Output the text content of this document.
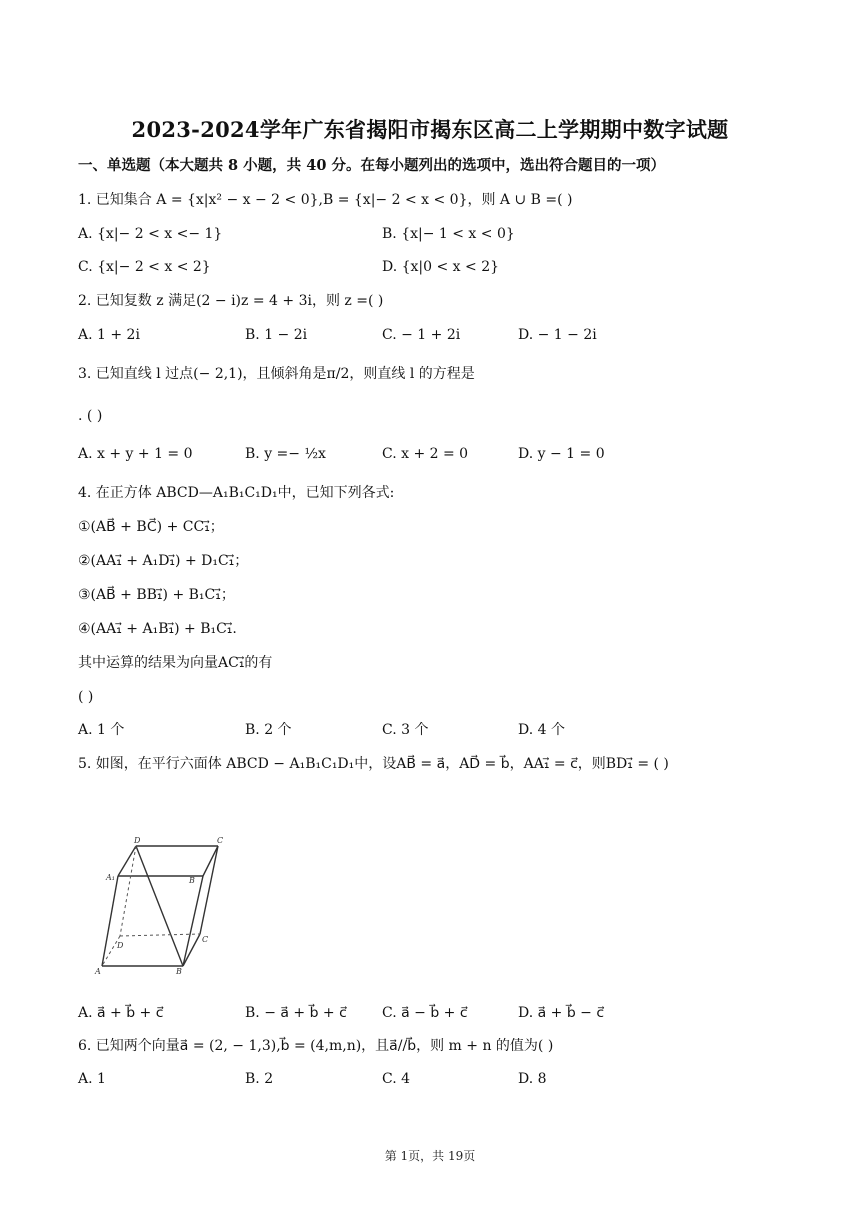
2023-2024学年广东省揭阳市揭东区高二上学期期中数字试题
一、单选题（本大题共 8 小题，共 40 分。在每小题列出的选项中，选出符合题目的一项）
1. 已知集合 A = {x|x² − x − 2 < 0},B = {x|− 2 < x < 0}，则 A ∪ B =( )
A. {x|− 2 < x <− 1}	B. {x|− 1 < x < 0}
C. {x|− 2 < x < 2}	D. {x|0 < x < 2}
2. 已知复数 z 满足(2 − i)z = 4 + 3i，则 z =( )
A. 1 + 2i	B. 1 − 2i	C. − 1 + 2i	D. − 1 − 2i
3. 已知直线 l 过点(− 2,1)，且倾斜角是π/2，则直线 l 的方程是
. ( )
A. x + y + 1 = 0	B. y =− ½x	C. x + 2 = 0	D. y − 1 = 0
4. 在正方体 ABCD—A₁B₁C₁D₁中，已知下列各式:
①(AB⃗ + BC⃗) + CC₁⃗；
②(AA₁⃗ + A₁D₁⃗) + D₁C₁⃗；
③(AB⃗ + BB₁⃗) + B₁C₁⃗；
④(AA₁⃗ + A₁B₁⃗) + B₁C₁⃗.
其中运算的结果为向量AC₁⃗的有
( )
A. 1 个	B. 2 个	C. 3 个	D. 4 个
5. 如图，在平行六面体 ABCD − A₁B₁C₁D₁中，设AB⃗ = a⃗，AD⃗ = b⃗，AA₁⃗ = c⃗，则BD₁⃗ = ( )
D	C
A₁	B
D
C
A	B
A. a⃗ + b⃗ + c⃗	B. − a⃗ + b⃗ + c⃗	C. a⃗ − b⃗ + c⃗	D. a⃗ + b⃗ − c⃗
6. 已知两个向量a⃗ = (2, − 1,3),b⃗ = (4,m,n)，且a⃗//b⃗，则 m + n 的值为( )
A. 1	B. 2	C. 4	D. 8
第 1页，共 19页
